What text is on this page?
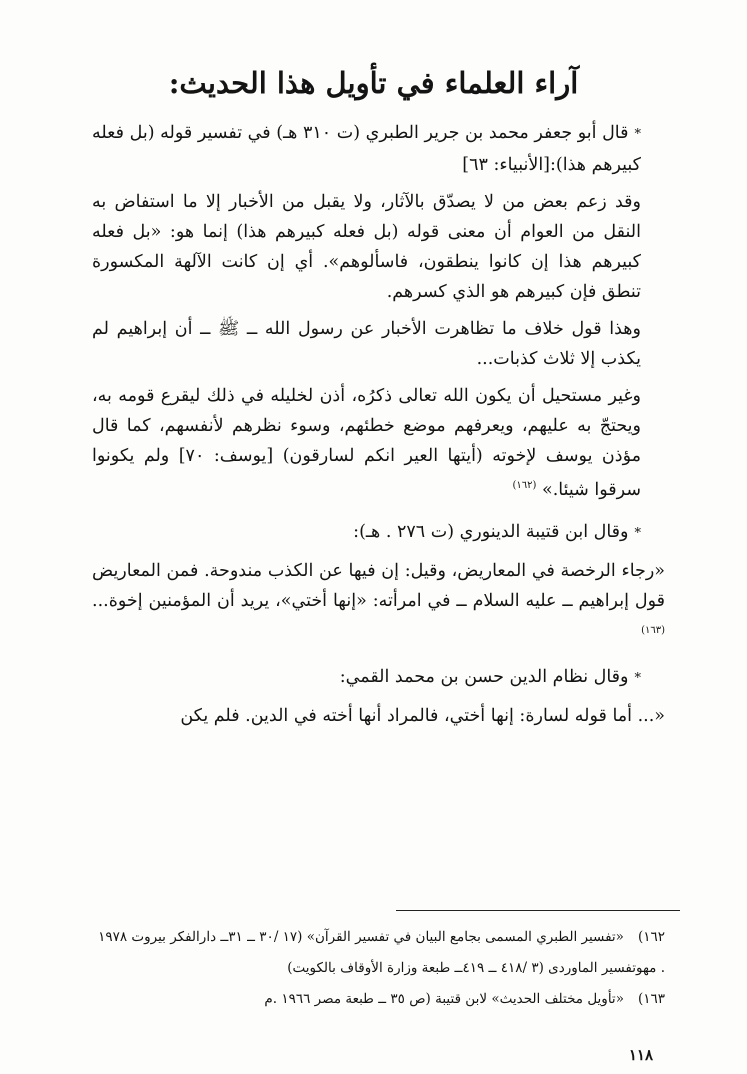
آراء العلماء في تأويل هذا الحديث:

*قال أبو جعفر محمد بن جرير الطبري (ت ٣١٠ هـ) في تفسير قوله (بل فعله كبيرهم هذا):[الأنبياء: ٦٣]

وقد زعم بعض من لا يصدّق بالآثار، ولا يقبل من الأخبار إلا ما استفاض به النقل من العوام أن معنى قوله (بل فعله كبيرهم هذا) إنما هو: «بل فعله كبيرهم هذا إن كانوا ينطقون، فاسألوهم». أي إن كانت الآلهة المكسورة تنطق فإن كبيرهم هو الذي كسرهم.

وهذا قول خلاف ما تظاهرت الأخبار عن رسول الله ــ ﷺ ــ أن إبراهيم لم يكذب إلا ثلاث كذبات...

وغير مستحيل أن يكون الله تعالى ذكرُه، أذن لخليله في ذلك ليقرع قومه به، ويحتجّ به عليهم، ويعرفهم موضع خطئهم، وسوء نظرهم لأنفسهم، كما قال مؤذن يوسف لإخوته (أيتها العير انكم لسارقون) [يوسف: ٧٠] ولم يكونوا سرقوا شيئا.» $^{(١٦٢)}$

*وقال ابن قتيبة الدينوري (ت ٢٧٦ . هـ):

«رجاء الرخصة في المعاريض، وقيل: إن فيها عن الكذب مندوحة. فمن المعاريض قول إبراهيم ــ عليه السلام ــ في امرأته: «إنها أختي»، يريد أن المؤمنين إخوة... $^{(١٦٣)}$

*وقال نظام الدين حسن بن محمد القمي:

«... أما قوله لسارة: إنها أختي، فالمراد أنها أخته في الدين. فلم يكن

١٦٢)«تفسير الطبري المسمى بجامع البيان في تفسير القرآن» (١٧ /٣٠ ــ ٣١ــ دارالفكر بيروت ١٩٧٨ . مهوتفسير الماوردى (٣ /٤١٨ ــ ٤١٩ــ طبعة وزارة الأوقاف بالكويت)

١٦٣)«تأويل مختلف الحديث» لابن قتيبة (ص ٣٥ ــ طبعة مصر ١٩٦٦ .م

١١٨
